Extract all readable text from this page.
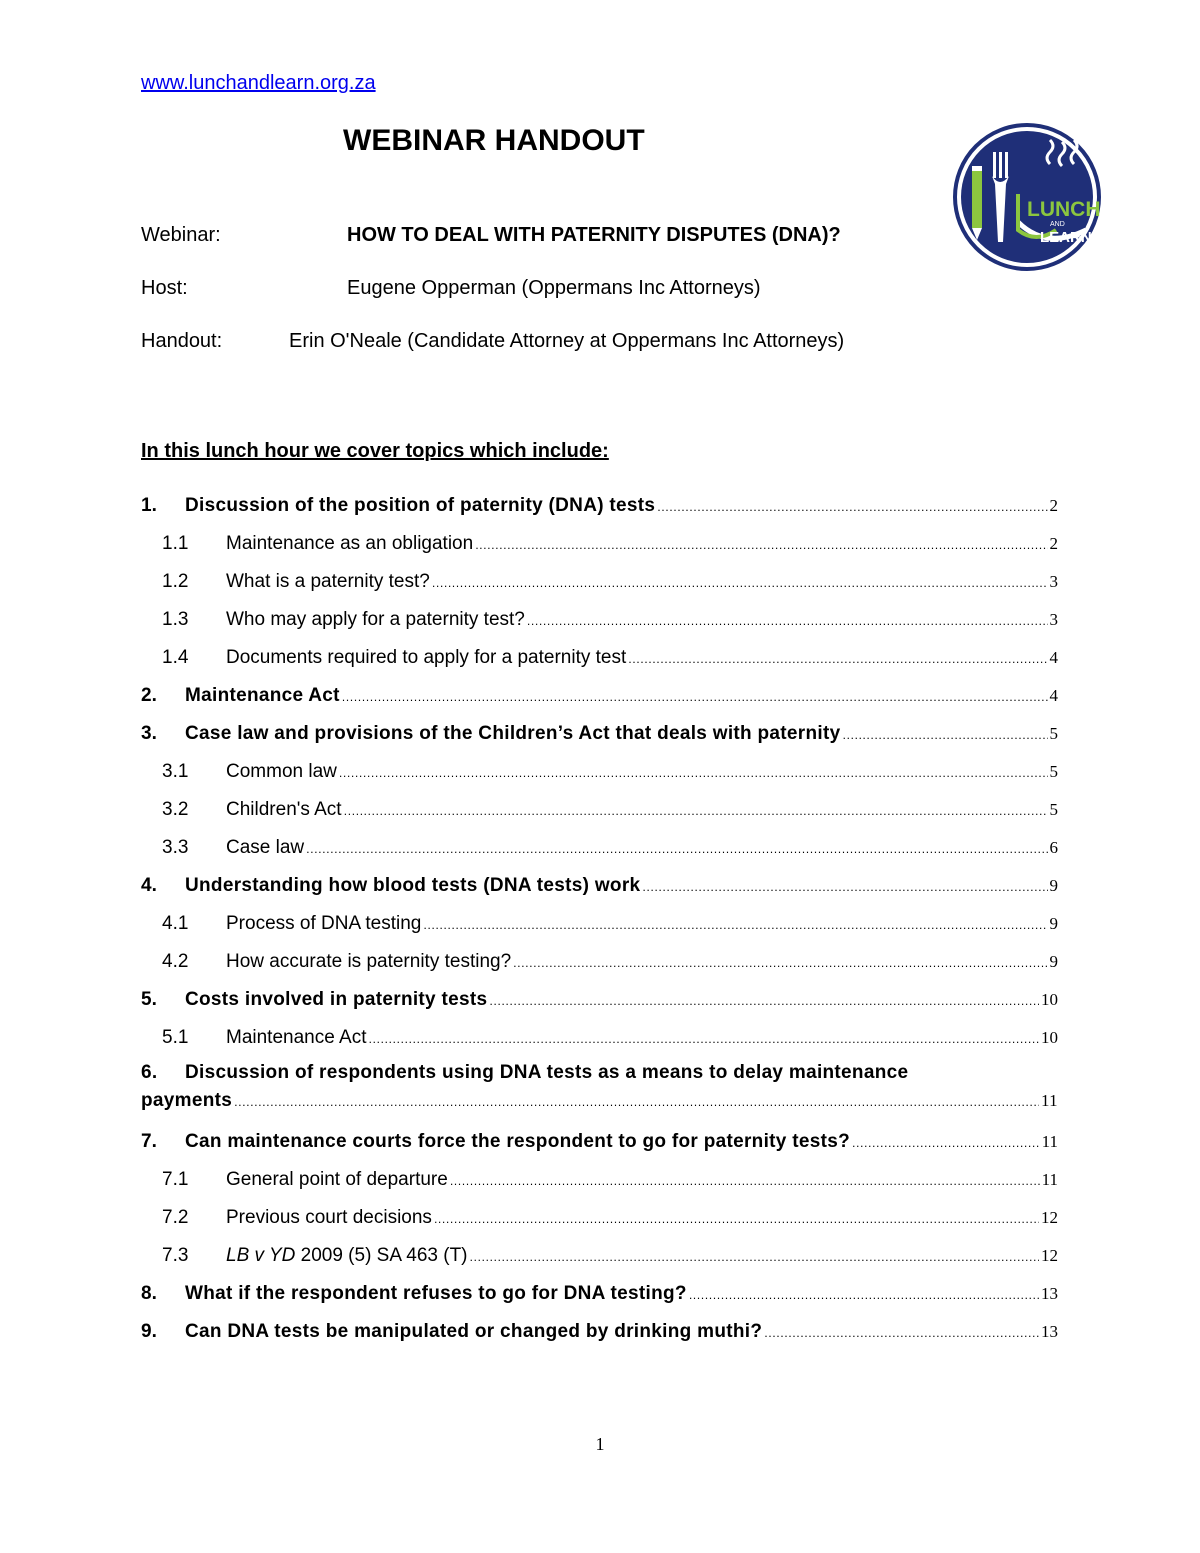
www.lunchandlearn.org.za
WEBINAR HANDOUT
Webinar:	HOW TO DEAL WITH PATERNITY DISPUTES (DNA)?
Host:	Eugene Opperman (Oppermans Inc Attorneys)
Handout:	Erin O'Neale (Candidate Attorney at Oppermans Inc Attorneys)
LUNCH
AND
LEARN
In this lunch hour we cover topics which include:
1.	Discussion of the position of paternity (DNA) tests .....	2
1.1	Maintenance as an obligation .....	2
1.2	What is a paternity test? .....	3
1.3	Who may apply for a paternity test? .....	3
1.4	Documents required to apply for a paternity test .....	4
2.	Maintenance Act .....	4
3.	Case law and provisions of the Children’s Act that deals with paternity .....	5
3.1	Common law .....	5
3.2	Children's Act .....	5
3.3	Case law .....	6
4.	Understanding how blood tests (DNA tests) work .....	9
4.1	Process of DNA testing .....	9
4.2	How accurate is paternity testing? .....	9
5.	Costs involved in paternity tests .....	10
5.1	Maintenance Act .....	10
6. Discussion of respondents using DNA tests as a means to delay maintenance
payments .....	11
7.	Can maintenance courts force the respondent to go for paternity tests? .....	11
7.1	General point of departure .....	11
7.2	Previous court decisions .....	12
7.3	LB v YD 2009 (5) SA 463 (T) .....	12
8.	What if the respondent refuses to go for DNA testing? .....	13
9.	Can DNA tests be manipulated or changed by drinking muthi? .....	13
1
